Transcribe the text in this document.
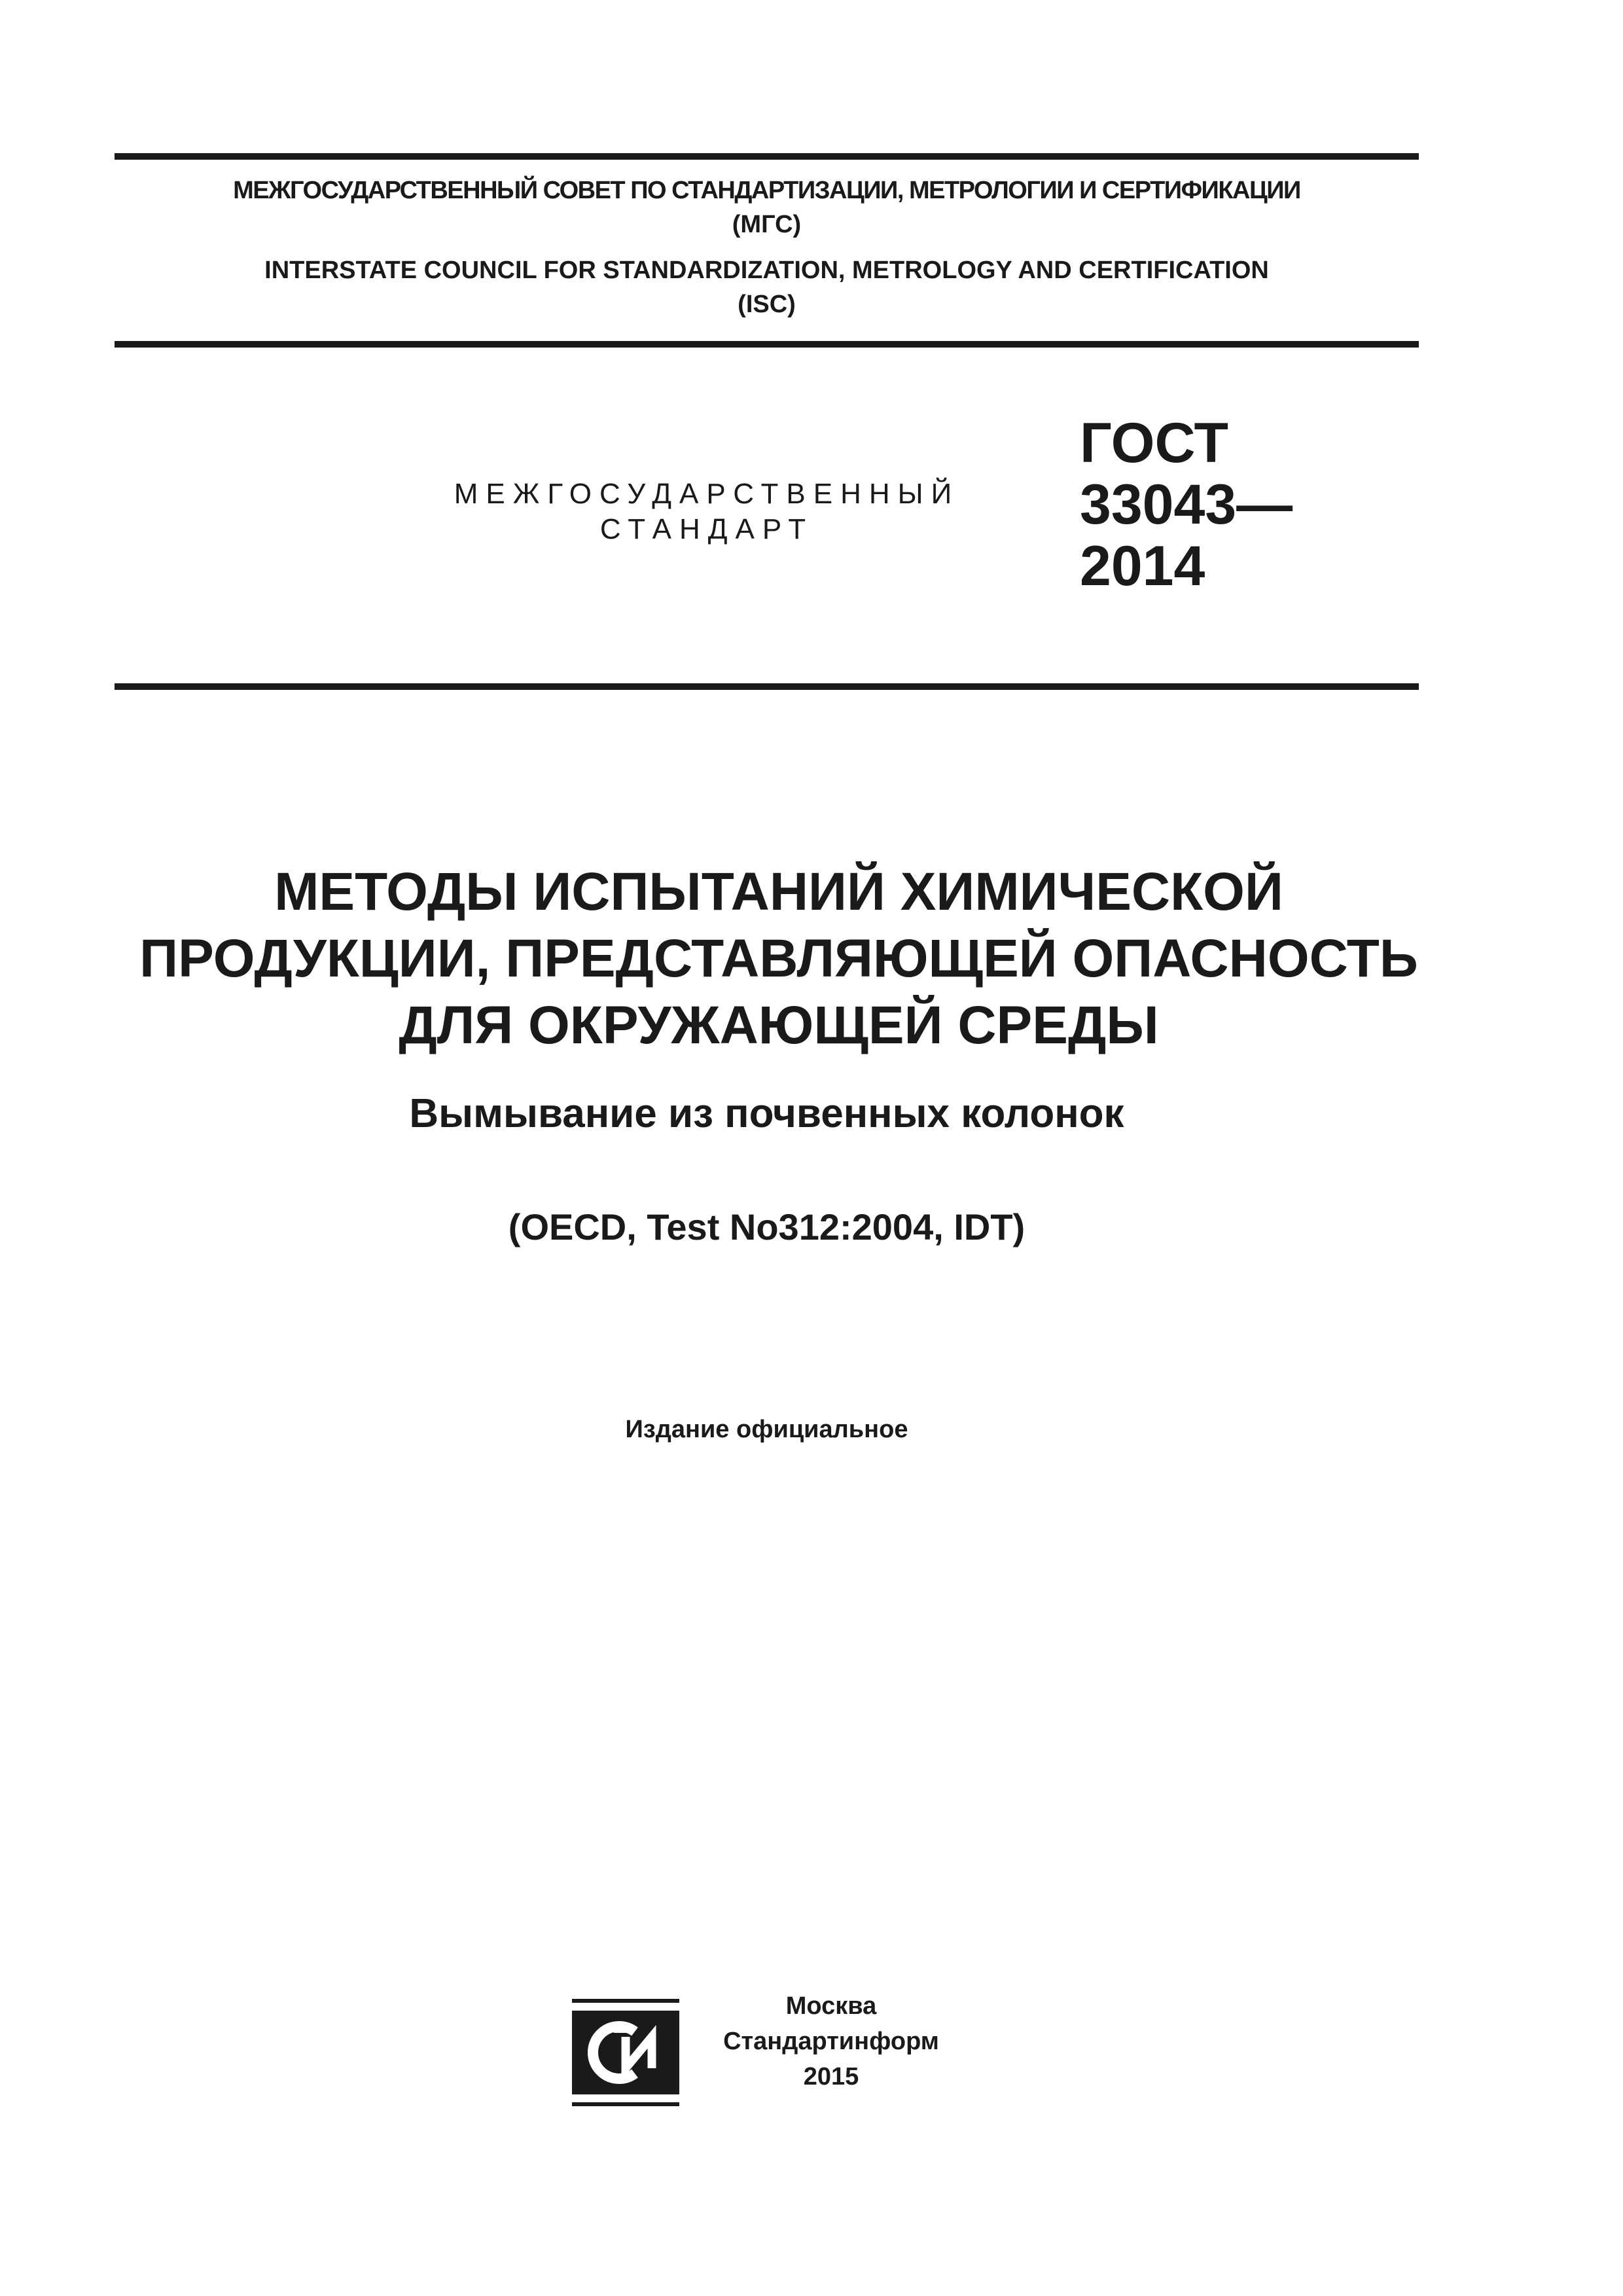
МЕЖГОСУДАРСТВЕННЫЙ СОВЕТ ПО СТАНДАРТИЗАЦИИ, МЕТРОЛОГИИ И СЕРТИФИКАЦИИ
(МГС)
INTERSTATE COUNCIL FOR STANDARDIZATION, METROLOGY AND CERTIFICATION
(ISC)
МЕЖГОСУДАРСТВЕННЫЙ
СТАНДАРТ
ГОСТ
33043—
2014
МЕТОДЫ ИСПЫТАНИЙ ХИМИЧЕСКОЙ
ПРОДУКЦИИ, ПРЕДСТАВЛЯЮЩЕЙ ОПАСНОСТЬ
ДЛЯ ОКРУЖАЮЩЕЙ СРЕДЫ
Вымывание из почвенных колонок
(OECD, Test No312:2004, IDT)
Издание официальное
Москва
Стандартинформ
2015
